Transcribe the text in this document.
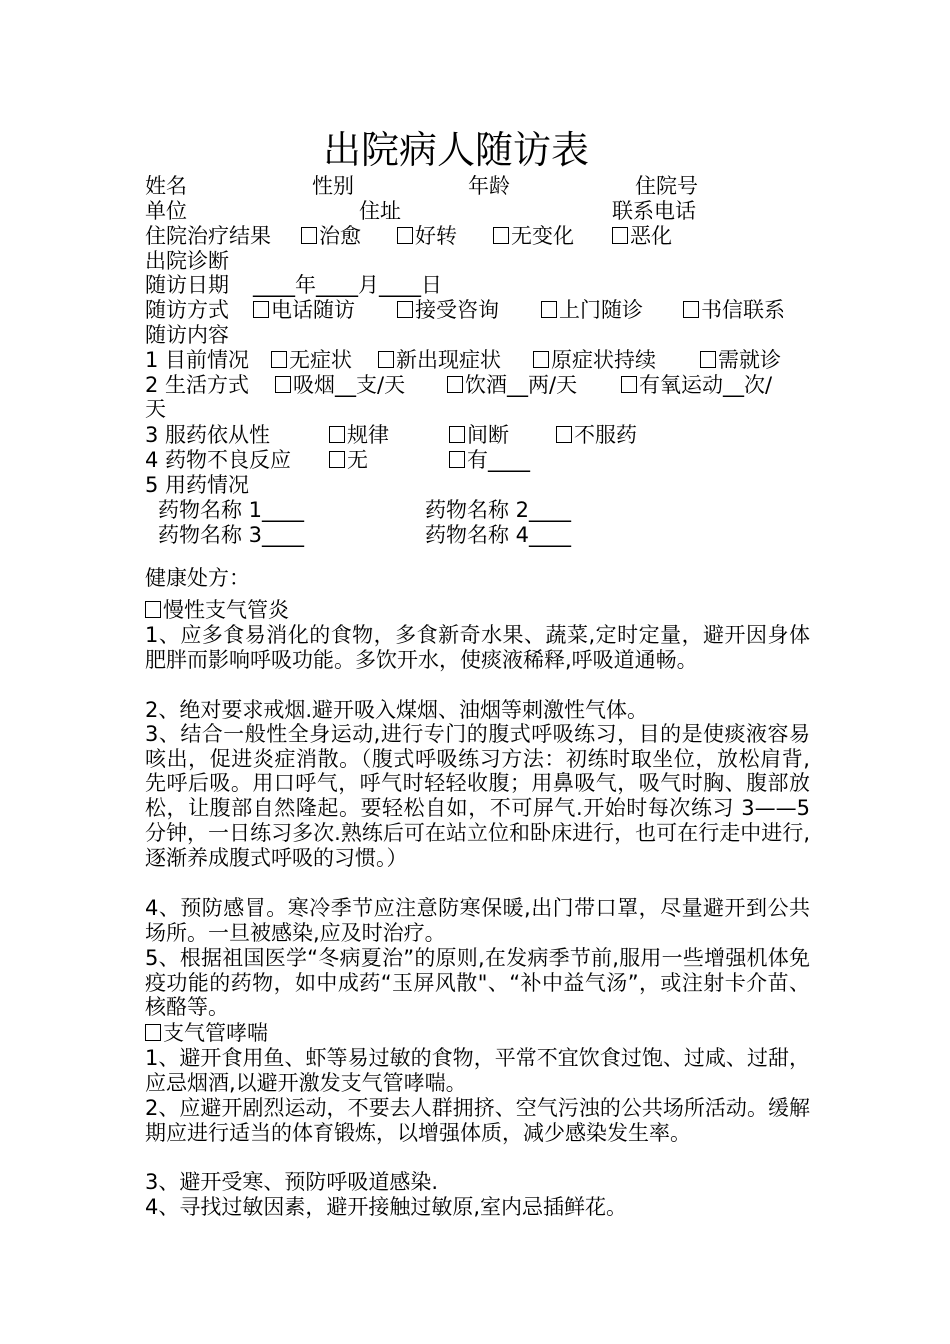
出院病人随访表
姓名	性别	年龄	住院号
单位	住址	联系电话
住院治疗结果	治愈	好转	无变化	恶化
出院诊断
随访日期 ____年____月____日
随访方式	电话随访	接受咨询	上门随诊	书信联系
随访内容
1 目前情况	无症状	新出现症状	原症状持续	需就诊
2 生活方式	吸烟__支/天	饮酒__两/天	有氧运动__次/
天
3 服药依从性	规律	间断	不服药
4 药物不良反应	无	有____
5 用药情况
药物名称 1____	药物名称 2____
药物名称 3____	药物名称 4____
健康处方：
慢性支气管炎
1、应多食易消化的食物，多食新奇水果、蔬菜,定时定量，避开因身体肥胖而影响呼吸功能。多饮开水，使痰液稀释,呼吸道通畅。
2、绝对要求戒烟.避开吸入煤烟、油烟等刺激性气体。
3、结合一般性全身运动,进行专门的腹式呼吸练习，目的是使痰液容易咳出，促进炎症消散。（腹式呼吸练习方法：初练时取坐位，放松肩背,先呼后吸。用口呼气，呼气时轻轻收腹；用鼻吸气，吸气时胸、腹部放松，让腹部自然隆起。要轻松自如，不可屏气.开始时每次练习 3——5 分钟，一日练习多次.熟练后可在站立位和卧床进行，也可在行走中进行,逐渐养成腹式呼吸的习惯。）
4、预防感冒。寒冷季节应注意防寒保暖,出门带口罩，尽量避开到公共场所。一旦被感染,应及时治疗。
5、根据祖国医学“冬病夏治”的原则,在发病季节前,服用一些增强机体免疫功能的药物，如中成药“玉屏风散"、“补中益气汤”，或注射卡介苗、核酪等。
支气管哮喘
1、避开食用鱼、虾等易过敏的食物，平常不宜饮食过饱、过咸、过甜，应忌烟酒,以避开激发支气管哮喘。
2、应避开剧烈运动，不要去人群拥挤、空气污浊的公共场所活动。缓解期应进行适当的体育锻炼，以增强体质，减少感染发生率。
3、避开受寒、预防呼吸道感染.
4、寻找过敏因素，避开接触过敏原,室内忌插鲜花。
